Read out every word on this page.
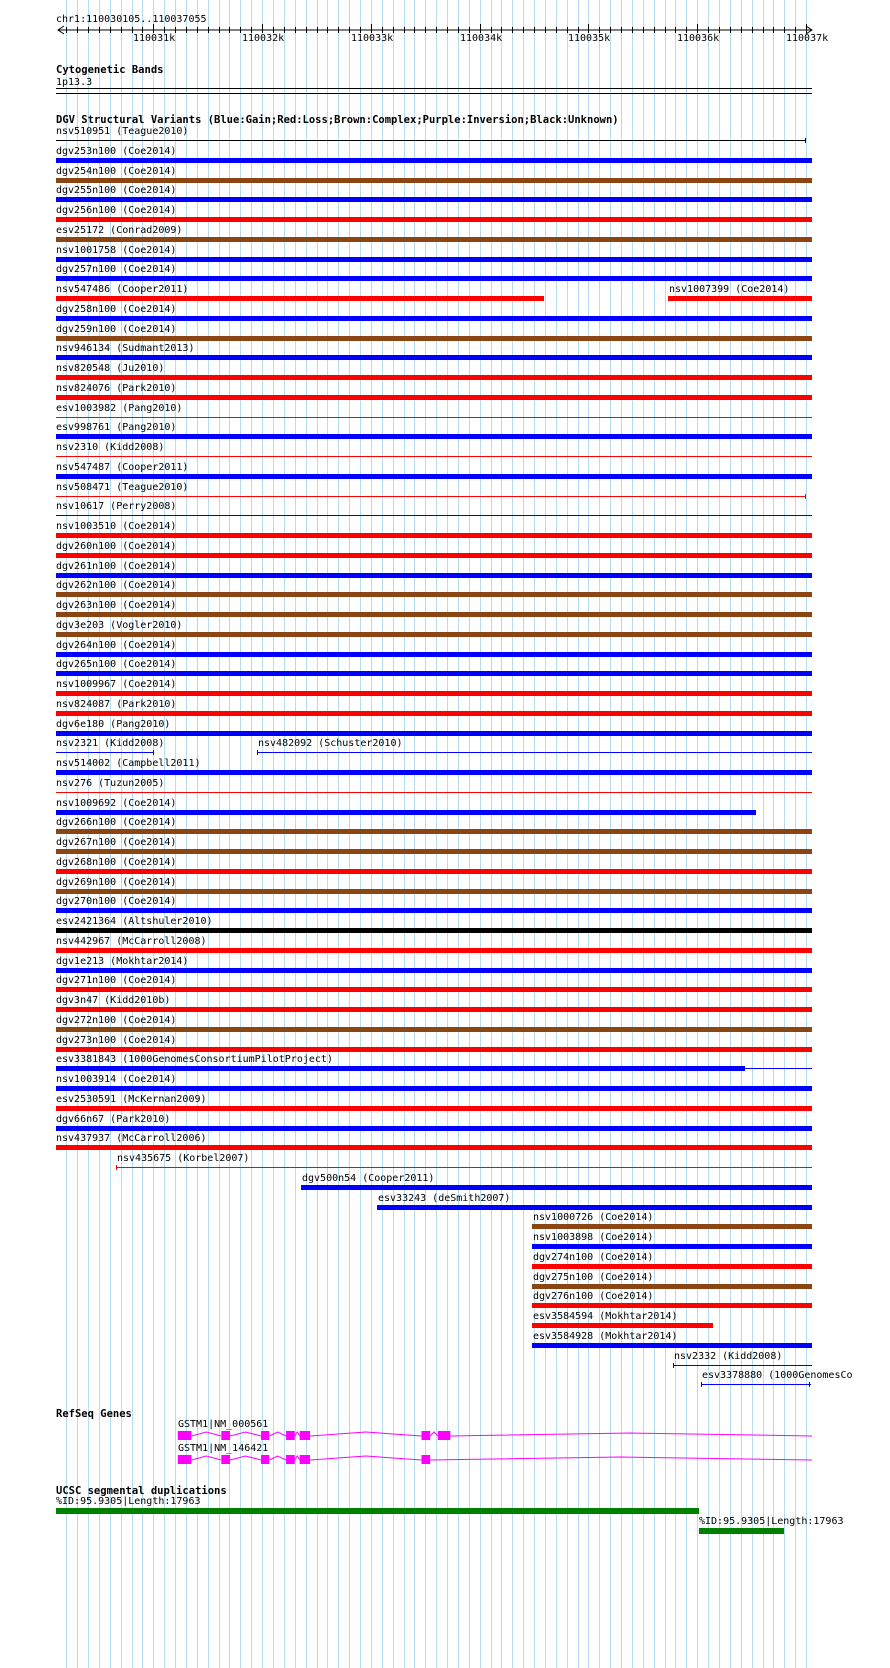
chr1:110030105..110037055
110031k	110032k	110033k	110034k	110035k	110036k	110037k
Cytogenetic Bands
1p13.3
DGV Structural Variants (Blue:Gain;Red:Loss;Brown:Complex;Purple:Inversion;Black:Unknown)
nsv510951 (Teague2010)
dgv253n100 (Coe2014)
dgv254n100 (Coe2014)
dgv255n100 (Coe2014)
dgv256n100 (Coe2014)
esv25172 (Conrad2009)
nsv1001758 (Coe2014)
dgv257n100 (Coe2014)
nsv547486 (Cooper2011)	nsv1007399 (Coe2014)
dgv258n100 (Coe2014)
dgv259n100 (Coe2014)
nsv946134 (Sudmant2013)
nsv820548 (Ju2010)
nsv824076 (Park2010)
esv1003982 (Pang2010)
esv998761 (Pang2010)
nsv2310 (Kidd2008)
nsv547487 (Cooper2011)
nsv508471 (Teague2010)
nsv10617 (Perry2008)
nsv1003510 (Coe2014)
dgv260n100 (Coe2014)
dgv261n100 (Coe2014)
dgv262n100 (Coe2014)
dgv263n100 (Coe2014)
dgv3e203 (Vogler2010)
dgv264n100 (Coe2014)
dgv265n100 (Coe2014)
nsv1009967 (Coe2014)
nsv824087 (Park2010)
dgv6e180 (Pang2010)
nsv2321 (Kidd2008)	nsv482092 (Schuster2010)
nsv514002 (Campbell2011)
nsv276 (Tuzun2005)
nsv1009692 (Coe2014)
dgv266n100 (Coe2014)
dgv267n100 (Coe2014)
dgv268n100 (Coe2014)
dgv269n100 (Coe2014)
dgv270n100 (Coe2014)
esv2421364 (Altshuler2010)
nsv442967 (McCarroll2008)
dgv1e213 (Mokhtar2014)
dgv271n100 (Coe2014)
dgv3n47 (Kidd2010b)
dgv272n100 (Coe2014)
dgv273n100 (Coe2014)
esv3381843 (1000GenomesConsortiumPilotProject)
nsv1003914 (Coe2014)
esv2530591 (McKernan2009)
dgv66n67 (Park2010)
nsv437937 (McCarroll2006)
nsv435675 (Korbel2007)
dgv500n54 (Cooper2011)
esv33243 (deSmith2007)
nsv1000726 (Coe2014)
nsv1003898 (Coe2014)
dgv274n100 (Coe2014)
dgv275n100 (Coe2014)
dgv276n100 (Coe2014)
esv3584594 (Mokhtar2014)
esv3584928 (Mokhtar2014)
nsv2332 (Kidd2008)
esv3378880 (1000GenomesCo
RefSeq Genes
GSTM1|NM_000561
GSTM1|NM_146421
UCSC segmental duplications
%ID:95.9305|Length:17963
%ID:95.9305|Length:17963
